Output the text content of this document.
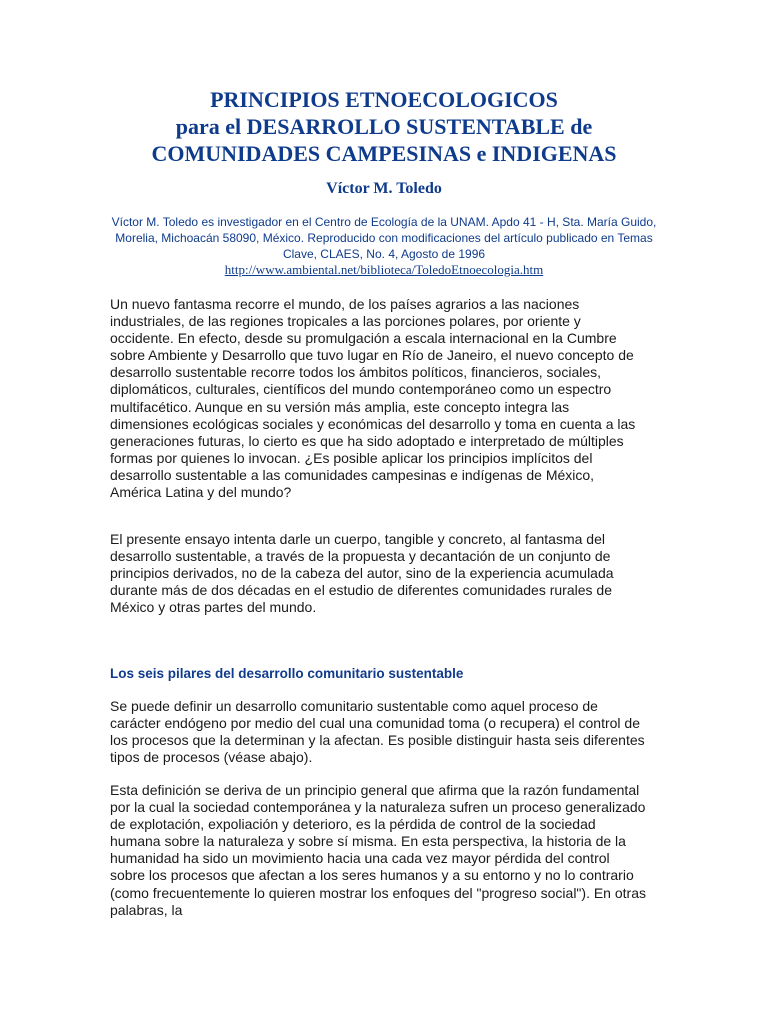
PRINCIPIOS ETNOECOLOGICOS
para el DESARROLLO SUSTENTABLE de
COMUNIDADES CAMPESINAS e INDIGENAS
Víctor M. Toledo
Víctor M. Toledo es investigador en el Centro de Ecología de la UNAM. Apdo 41 - H, Sta. María Guido, Morelia, Michoacán 58090, México. Reproducido con modificaciones del artículo publicado en Temas Clave, CLAES, No. 4, Agosto de 1996
http://www.ambiental.net/biblioteca/ToledoEtnoecologia.htm

Un nuevo fantasma recorre el mundo, de los países agrarios a las naciones industriales, de las regiones tropicales a las porciones polares, por oriente y occidente. En efecto, desde su promulgación a escala internacional en la Cumbre sobre Ambiente y Desarrollo que tuvo lugar en Río de Janeiro, el nuevo concepto de desarrollo sustentable recorre todos los ámbitos políticos, financieros, sociales, diplomáticos, culturales, científicos del mundo contemporáneo como un espectro multifacético. Aunque en su versión más amplia, este concepto integra las dimensiones ecológicas sociales y económicas del desarrollo y toma en cuenta a las generaciones futuras, lo cierto es que ha sido adoptado e interpretado de múltiples formas por quienes lo invocan. ¿Es posible aplicar los principios implícitos del desarrollo sustentable a las comunidades campesinas e indígenas de México, América Latina y del mundo?

El presente ensayo intenta darle un cuerpo, tangible y concreto, al fantasma del desarrollo sustentable, a través de la propuesta y decantación de un conjunto de principios derivados, no de la cabeza del autor, sino de la experiencia acumulada durante más de dos décadas en el estudio de diferentes comunidades rurales de México y otras partes del mundo.

Los seis pilares del desarrollo comunitario sustentable

Se puede definir un desarrollo comunitario sustentable como aquel proceso de carácter endógeno por medio del cual una comunidad toma (o recupera) el control de los procesos que la determinan y la afectan. Es posible distinguir hasta seis diferentes tipos de procesos (véase abajo).

Esta definición se deriva de un principio general que afirma que la razón fundamental por la cual la sociedad contemporánea y la naturaleza sufren un proceso generalizado de explotación, expoliación y deterioro, es la pérdida de control de la sociedad humana sobre la naturaleza y sobre sí misma. En esta perspectiva, la historia de la humanidad ha sido un movimiento hacia una cada vez mayor pérdida del control sobre los procesos que afectan a los seres humanos y a su entorno y no lo contrario (como frecuentemente lo quieren mostrar los enfoques del "progreso social"). En otras palabras, la
